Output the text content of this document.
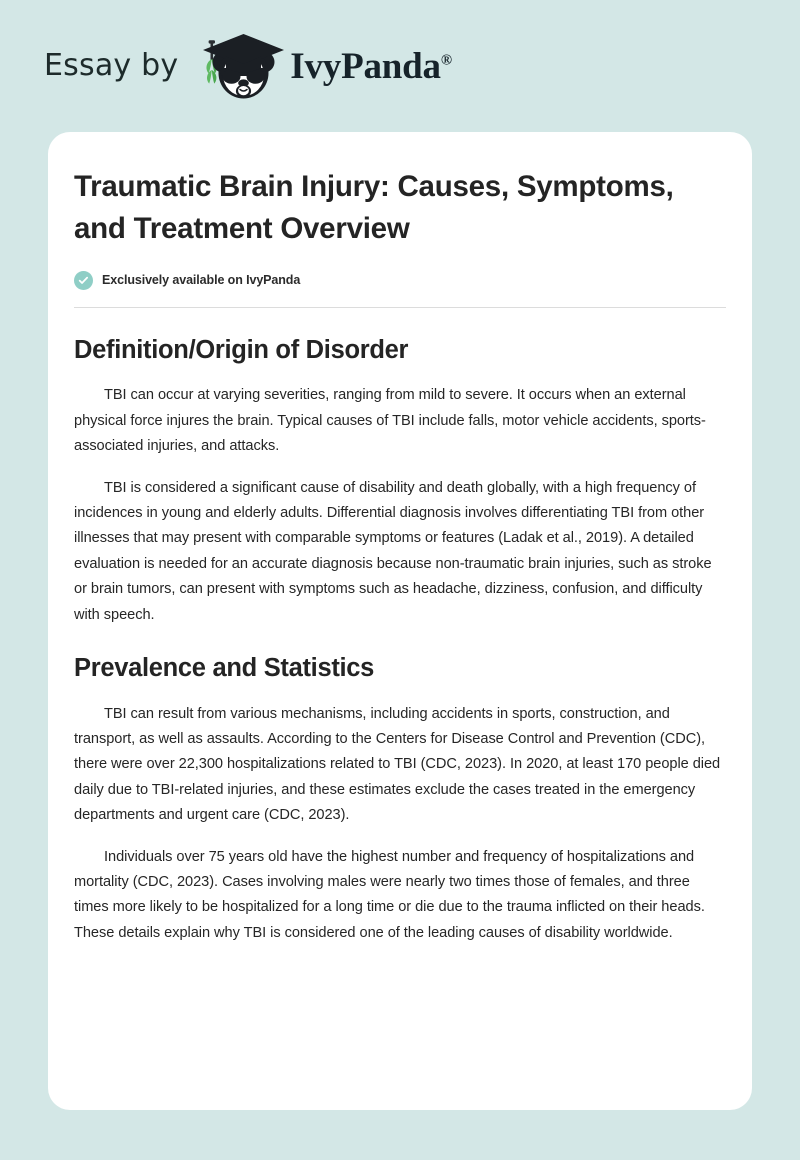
Essay by	IvyPanda®
Traumatic Brain Injury: Causes, Symptoms, and Treatment Overview
Exclusively available on IvyPanda
Definition/Origin of Disorder

TBI can occur at varying severities, ranging from mild to severe. It occurs when an external physical force injures the brain. Typical causes of TBI include falls, motor vehicle accidents, sports-associated injuries, and attacks.

TBI is considered a significant cause of disability and death globally, with a high frequency of incidences in young and elderly adults. Differential diagnosis involves differentiating TBI from other illnesses that may present with comparable symptoms or features (Ladak et al., 2019). A detailed evaluation is needed for an accurate diagnosis because non-traumatic brain injuries, such as stroke or brain tumors, can present with symptoms such as headache, dizziness, confusion, and difficulty with speech.

Prevalence and Statistics

TBI can result from various mechanisms, including accidents in sports, construction, and transport, as well as assaults. According to the Centers for Disease Control and Prevention (CDC), there were over 22,300 hospitalizations related to TBI (CDC, 2023). In 2020, at least 170 people died daily due to TBI-related injuries, and these estimates exclude the cases treated in the emergency departments and urgent care (CDC, 2023).

Individuals over 75 years old have the highest number and frequency of hospitalizations and mortality (CDC, 2023). Cases involving males were nearly two times those of females, and three times more likely to be hospitalized for a long time or die due to the trauma inflicted on their heads. These details explain why TBI is considered one of the leading causes of disability worldwide.
